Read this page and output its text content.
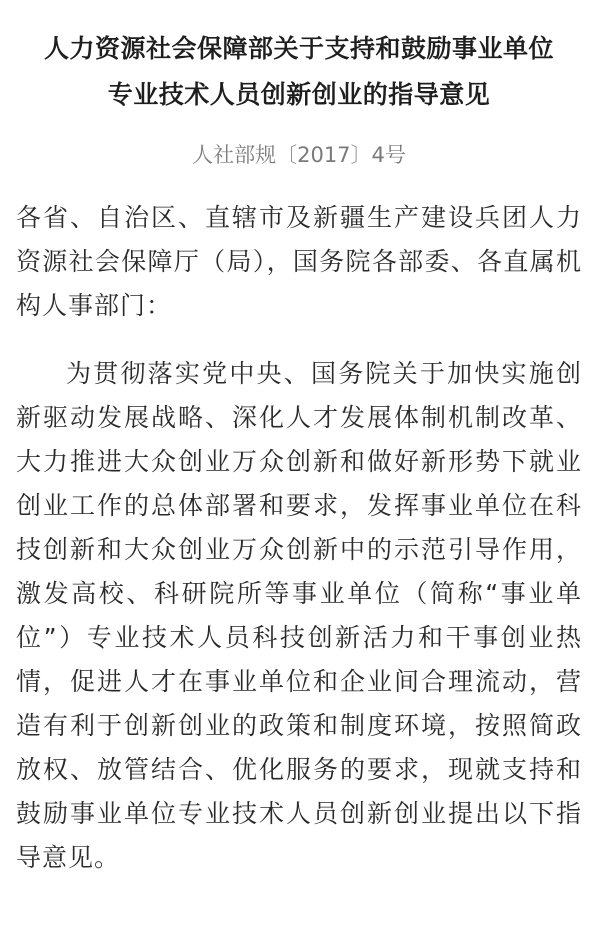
人力资源社会保障部关于支持和鼓励事业单位
专业技术人员创新创业的指导意见

人社部规〔2017〕4号

各省、自治区、直辖市及新疆生产建设兵团人力资源社会保障厅（局），国务院各部委、各直属机构人事部门：

为贯彻落实党中央、国务院关于加快实施创新驱动发展战略、深化人才发展体制机制改革、大力推进大众创业万众创新和做好新形势下就业创业工作的总体部署和要求，发挥事业单位在科技创新和大众创业万众创新中的示范引导作用，激发高校、科研院所等事业单位（简称“事业单位”）专业技术人员科技创新活力和干事创业热情，促进人才在事业单位和企业间合理流动，营造有利于创新创业的政策和制度环境，按照简政放权、放管结合、优化服务的要求，现就支持和鼓励事业单位专业技术人员创新创业提出以下指导意见。
